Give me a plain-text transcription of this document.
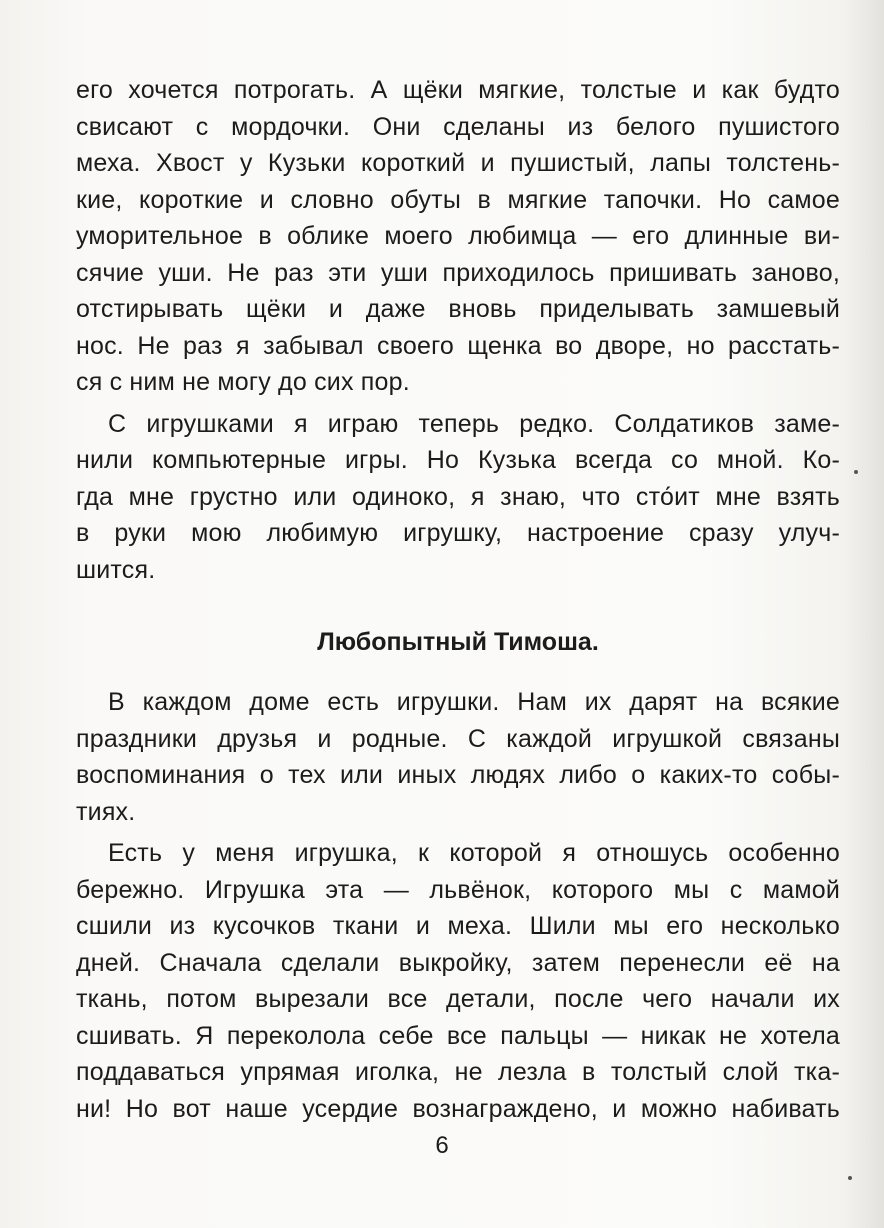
его хочется потрогать. А щёки мягкие, толстые и как будто
свисают с мордочки. Они сделаны из белого пушистого
меха. Хвост у Кузьки короткий и пушистый, лапы толстень-
кие, короткие и словно обуты в мягкие тапочки. Но самое
уморительное в облике моего любимца — его длинные ви-
сячие уши. Не раз эти уши приходилось пришивать заново,
отстирывать щёки и даже вновь приделывать замшевый
нос. Не раз я забывал своего щенка во дворе, но расстать-
ся с ним не могу до сих пор.
С игрушками я играю теперь редко. Солдатиков заме-
нили компьютерные игры. Но Кузька всегда со мной. Ко-
гда мне грустно или одиноко, я знаю, что сто́ит мне взять
в руки мою любимую игрушку, настроение сразу улуч-
шится.
Любопытный Тимоша.
В каждом доме есть игрушки. Нам их дарят на всякие
праздники друзья и родные. С каждой игрушкой связаны
воспоминания о тех или иных людях либо о каких-то собы-
тиях.
Есть у меня игрушка, к которой я отношусь особенно
бережно. Игрушка эта — львёнок, которого мы с мамой
сшили из кусочков ткани и меха. Шили мы его несколько
дней. Сначала сделали выкройку, затем перенесли её на
ткань, потом вырезали все детали, после чего начали их
сшивать. Я переколола себе все пальцы — никак не хотела
поддаваться упрямая иголка, не лезла в толстый слой тка-
ни! Но вот наше усердие вознаграждено, и можно набивать
6
